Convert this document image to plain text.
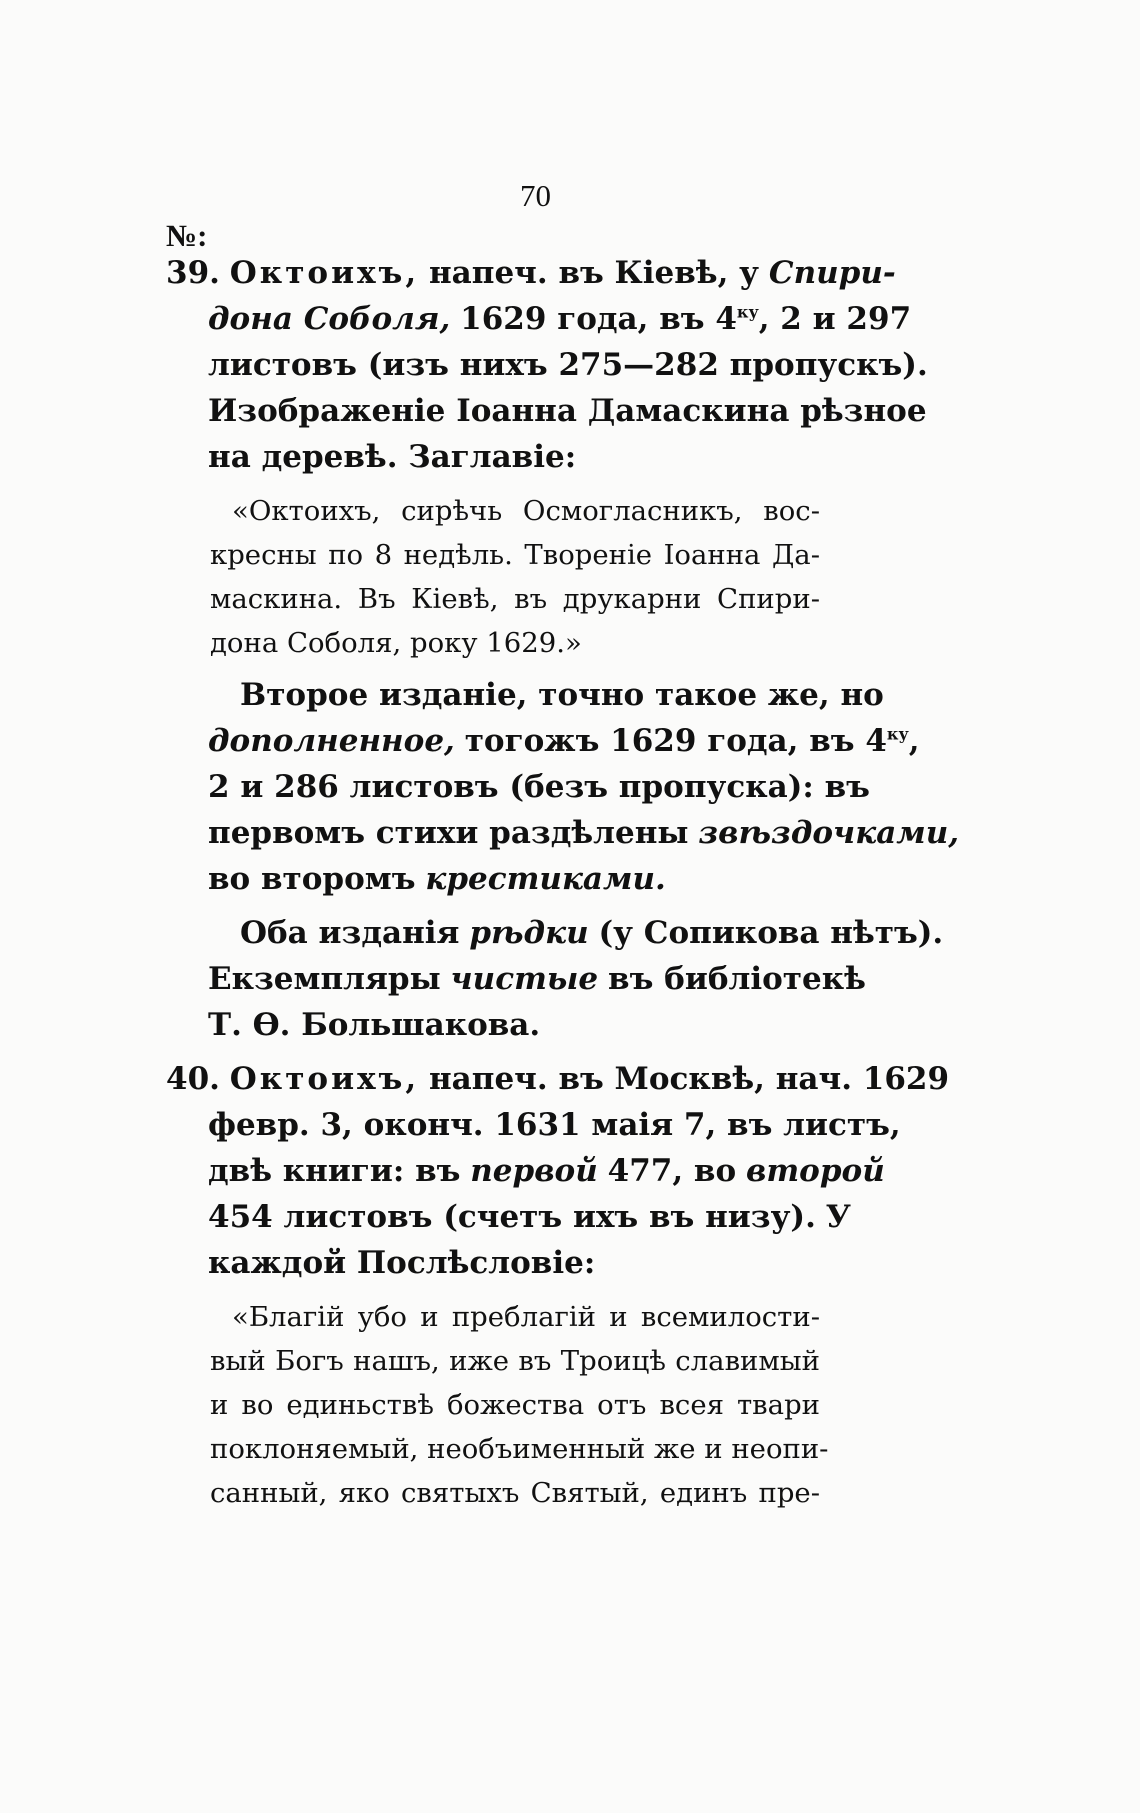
70
№:
39. Октоихъ, напеч. въ Кіевѣ, у Спири-
дона Соболя, 1629 года, въ $4^{ку}$, 2 и 297
листовъ (изъ нихъ 275—282 пропускъ).
Изображеніе Іоанна Дамаскина рѣзное
на деревѣ. Заглавіе:
«Октоихъ, сирѣчь Осмогласникъ, вос-
кресны по 8 недѣль. Твореніе Іоанна Да-
маскина. Въ Кіевѣ, въ друкарни Спири-
дона Соболя, року 1629.»
Второе изданіе, точно такое же, но
дополненное, тогожъ 1629 года, въ $4^{ку}$,
2 и 286 листовъ (безъ пропуска): въ
первомъ стихи раздѣлены звѣздочками,
во второмъ крестиками.
Оба изданія рѣдки (у Сопикова нѣтъ).
Екземпляры чистые въ библіотекѣ
Т. Ѳ. Большакова.
40. Октоихъ, напеч. въ Москвѣ, нач. 1629
февр. 3, оконч. 1631 маія 7, въ листъ,
двѣ книги: въ первой 477, во второй
454 листовъ (счетъ ихъ въ низу). У
каждой Послѣсловіе:
«Благій убо и преблагій и всемилости-
вый Богъ нашъ, иже въ Троицѣ славимый
и во единьствѣ божества отъ всея твари
поклоняемый, необъименный же и неопи-
санный, яко святыхъ Святый, единъ пре-
